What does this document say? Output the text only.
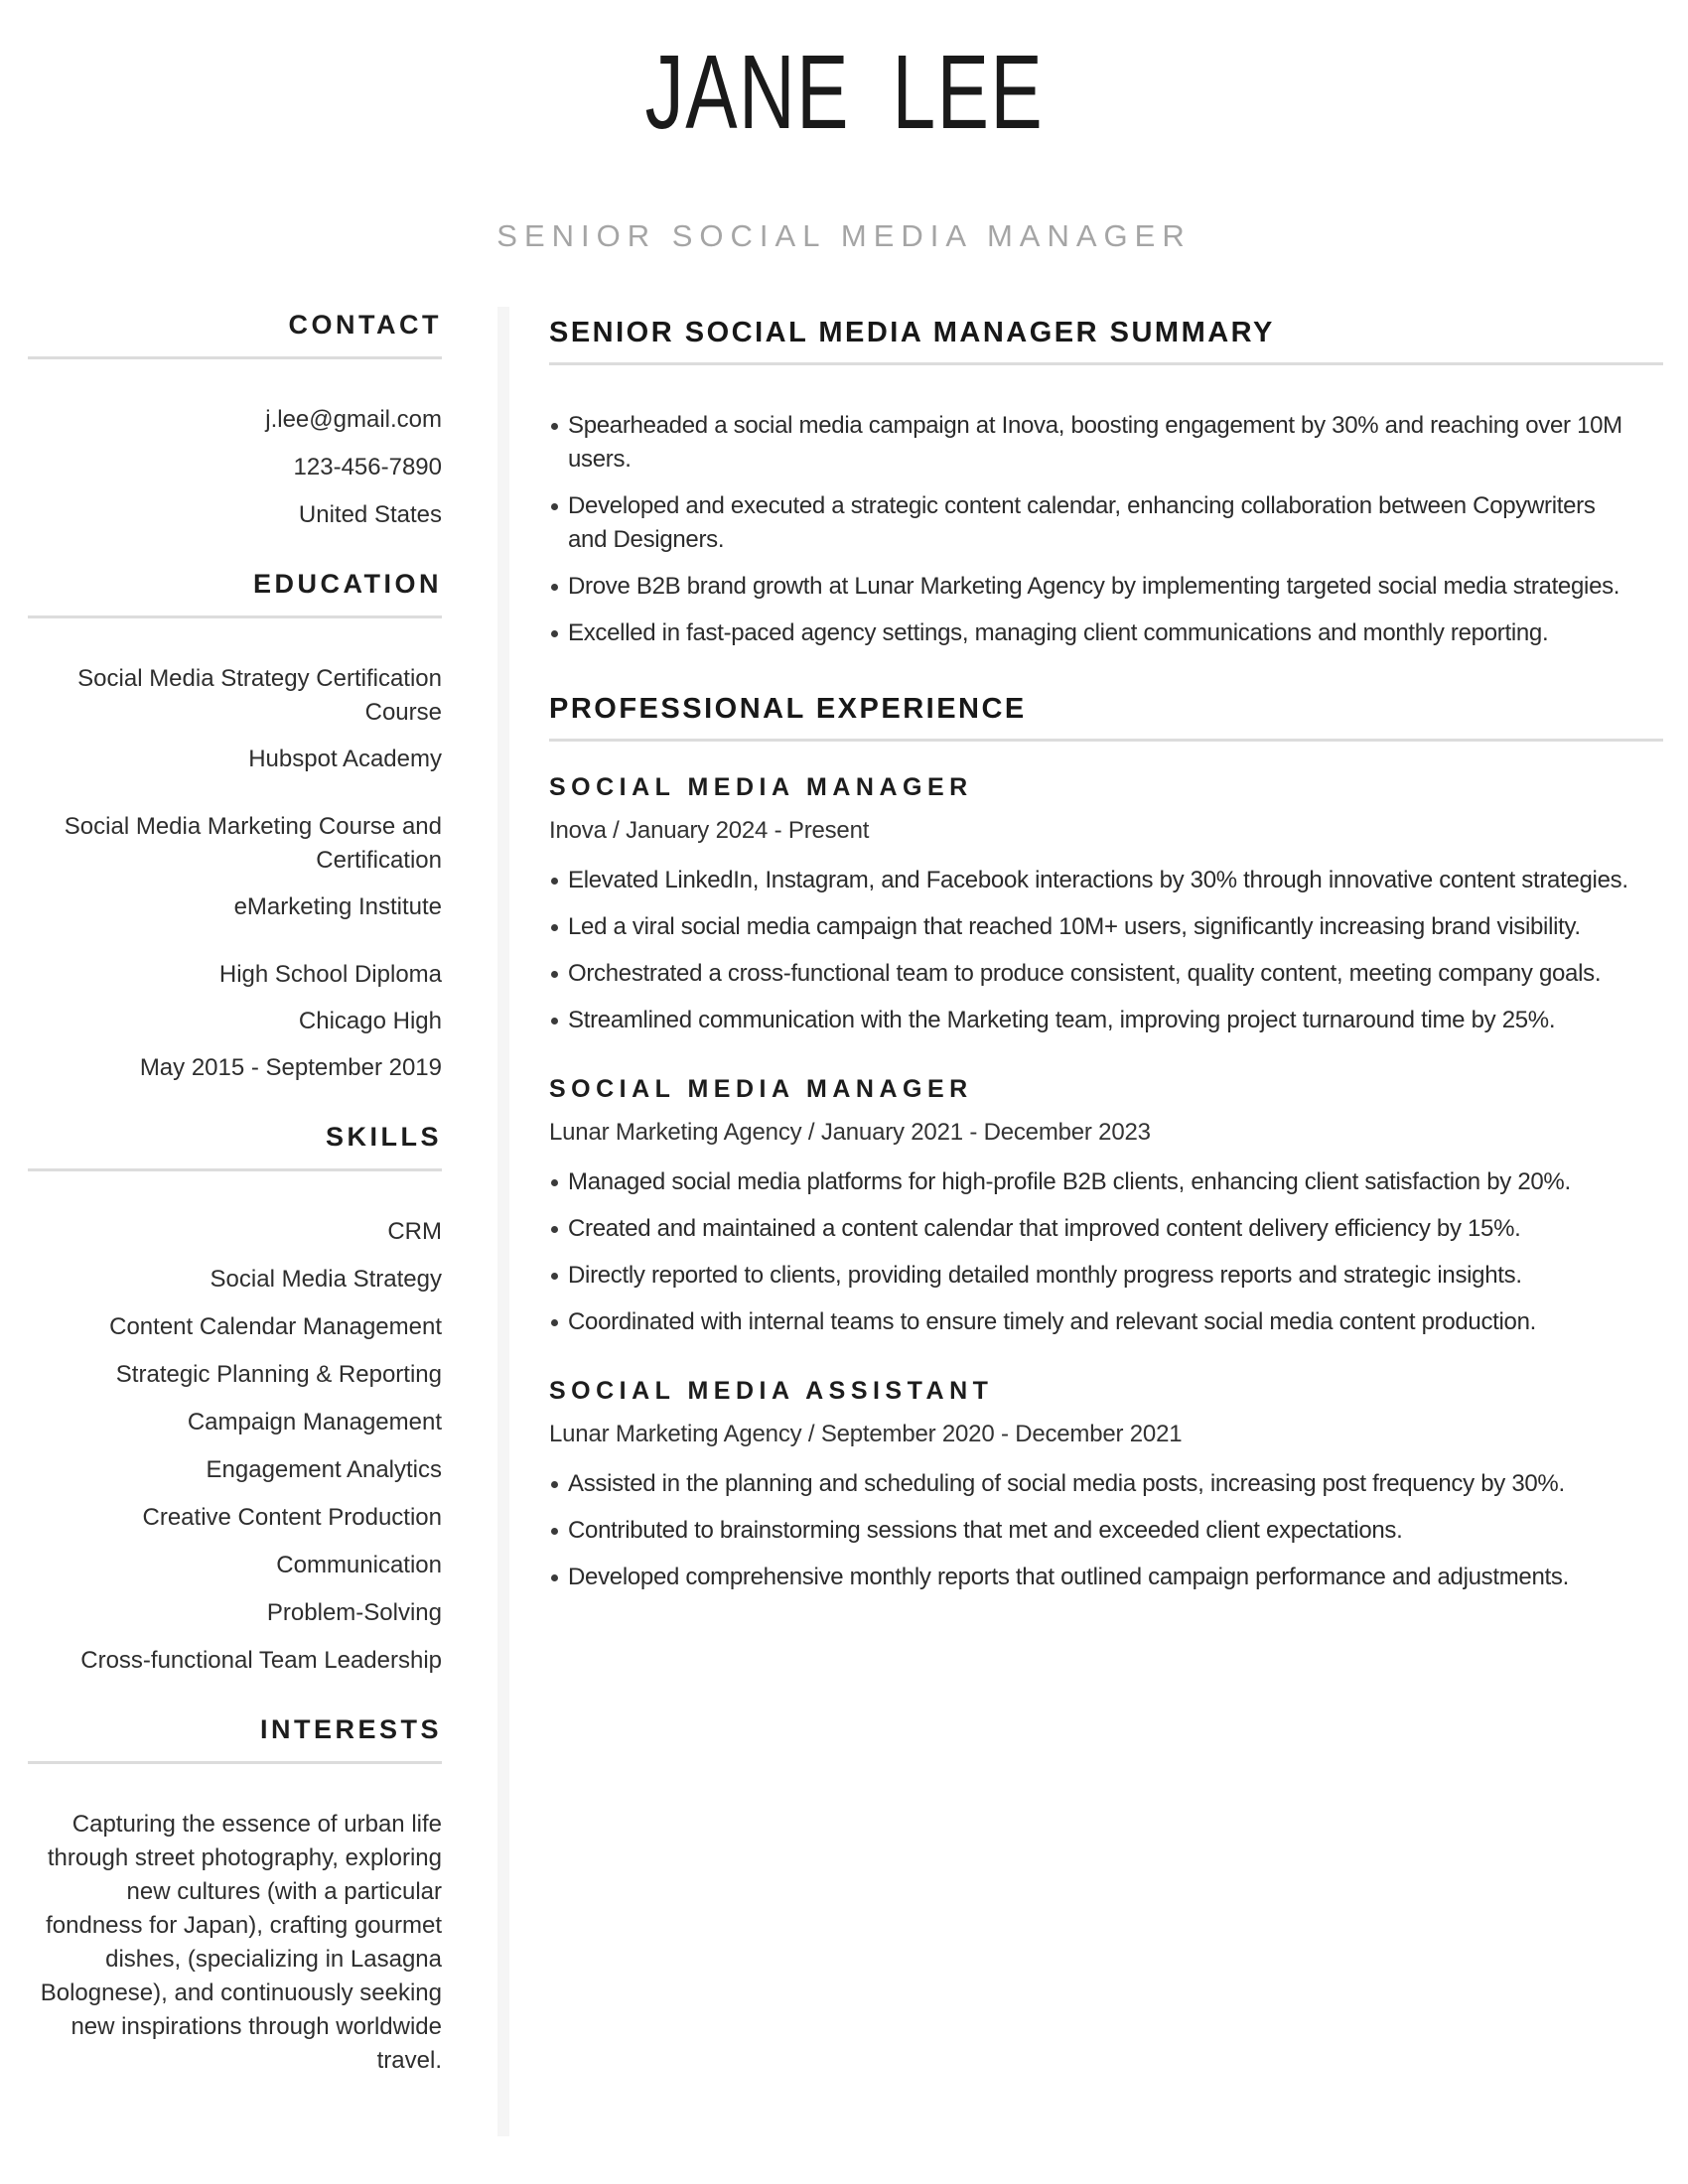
JANE LEE
SENIOR SOCIAL MEDIA MANAGER
CONTACT
j.lee@gmail.com
123-456-7890
United States
EDUCATION
Social Media Strategy Certification Course
Hubspot Academy
Social Media Marketing Course and Certification
eMarketing Institute
High School Diploma
Chicago High
May 2015 - September 2019
SKILLS
CRM
Social Media Strategy
Content Calendar Management
Strategic Planning & Reporting
Campaign Management
Engagement Analytics
Creative Content Production
Communication
Problem-Solving
Cross-functional Team Leadership
INTERESTS

Capturing the essence of urban life through street photography, exploring new cultures (with a particular fondness for Japan), crafting gourmet dishes, (specializing in Lasagna Bolognese), and continuously seeking new inspirations through worldwide travel.

SENIOR SOCIAL MEDIA MANAGER SUMMARY
Spearheaded a social media campaign at Inova, boosting engagement by 30% and reaching over 10M users.
Developed and executed a strategic content calendar, enhancing collaboration between Copywriters and Designers.
Drove B2B brand growth at Lunar Marketing Agency by implementing targeted social media strategies.
Excelled in fast-paced agency settings, managing client communications and monthly reporting.
PROFESSIONAL EXPERIENCE
SOCIAL MEDIA MANAGER
Inova / January 2024 - Present
Elevated LinkedIn, Instagram, and Facebook interactions by 30% through innovative content strategies.
Led a viral social media campaign that reached 10M+ users, significantly increasing brand visibility.
Orchestrated a cross-functional team to produce consistent, quality content, meeting company goals.
Streamlined communication with the Marketing team, improving project turnaround time by 25%.
SOCIAL MEDIA MANAGER
Lunar Marketing Agency / January 2021 - December 2023
Managed social media platforms for high-profile B2B clients, enhancing client satisfaction by 20%.
Created and maintained a content calendar that improved content delivery efficiency by 15%.
Directly reported to clients, providing detailed monthly progress reports and strategic insights.
Coordinated with internal teams to ensure timely and relevant social media content production.
SOCIAL MEDIA ASSISTANT
Lunar Marketing Agency / September 2020 - December 2021
Assisted in the planning and scheduling of social media posts, increasing post frequency by 30%.
Contributed to brainstorming sessions that met and exceeded client expectations.
Developed comprehensive monthly reports that outlined campaign performance and adjustments.
